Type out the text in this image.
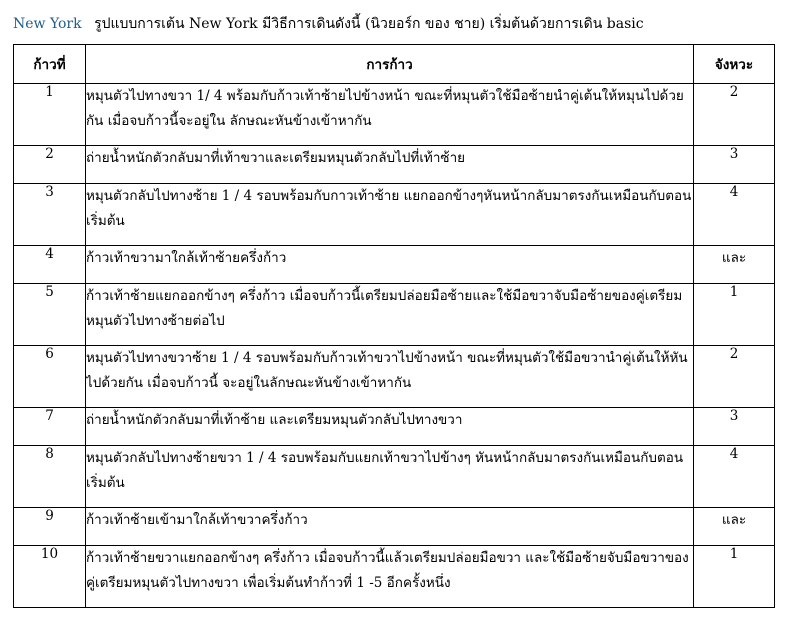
New York รูปแบบการเต้น New York มีวิธีการเดินดังนี้ (นิวยอร์ก ของ ชาย) เริ่มต้นด้วยการเดิน basic
ก้าวที่	การก้าว	จังหวะ
1	หมุนตัวไปทางขวา 1/ 4 พร้อมกับก้าวเท้าซ้ายไปข้างหน้า ขณะที่หมุนตัวใช้มือซ้ายนำคู่เต้นให้หมุนไปด้วยกัน เมื่อจบก้าวนี้จะอยู่ใน ลักษณะหันข้างเข้าหากัน	2
2	ถ่ายน้ำหนักตัวกลับมาที่เท้าขวาและเตรียมหมุนตัวกลับไปที่เท้าซ้าย	3
3	หมุนตัวกลับไปทางซ้าย 1 / 4 รอบพร้อมกับกาวเท้าซ้าย แยกออกข้างๆหันหน้ากลับมาตรงกันเหมือนกับตอนเริ่มต้น	4
4	ก้าวเท้าขวามาใกล้เท้าซ้ายครึ่งก้าว	และ
5	ก้าวเท้าซ้ายแยกออกข้างๆ ครึ่งก้าว เมื่อจบก้าวนี้เตรียมปล่อยมือซ้ายและใช้มือขวาจับมือซ้ายของคู่เตรียมหมุนตัวไปทางซ้ายต่อไป	1
6	หมุนตัวไปทางขวาซ้าย 1 / 4 รอบพร้อมกับก้าวเท้าขวาไปข้างหน้า ขณะที่หมุนตัวใช้มือขวานำคู่เต้นให้หันไปด้วยกัน เมื่อจบก้าวนี้ จะอยู่ในลักษณะหันข้างเข้าหากัน	2
7	ถ่ายน้ำหนักตัวกลับมาที่เท้าซ้าย และเตรียมหมุนตัวกลับไปทางขวา	3
8	หมุนตัวกลับไปทางซ้ายขวา 1 / 4 รอบพร้อมกับแยกเท้าขวาไปข้างๆ หันหน้ากลับมาตรงกันเหมือนกับตอนเริ่มต้น	4
9	ก้าวเท้าซ้ายเข้ามาใกล้เท้าขวาครึ่งก้าว	และ
10	ก้าวเท้าซ้ายขวาแยกออกข้างๆ ครึ่งก้าว เมื่อจบก้าวนี้แล้วเตรียมปล่อยมือขวา และใช้มือซ้ายจับมือขวาของคู่เตรียมหมุนตัวไปทางขวา เพื่อเริ่มต้นทำก้าวที่ 1 -5 อีกครั้งหนึ่ง	1
